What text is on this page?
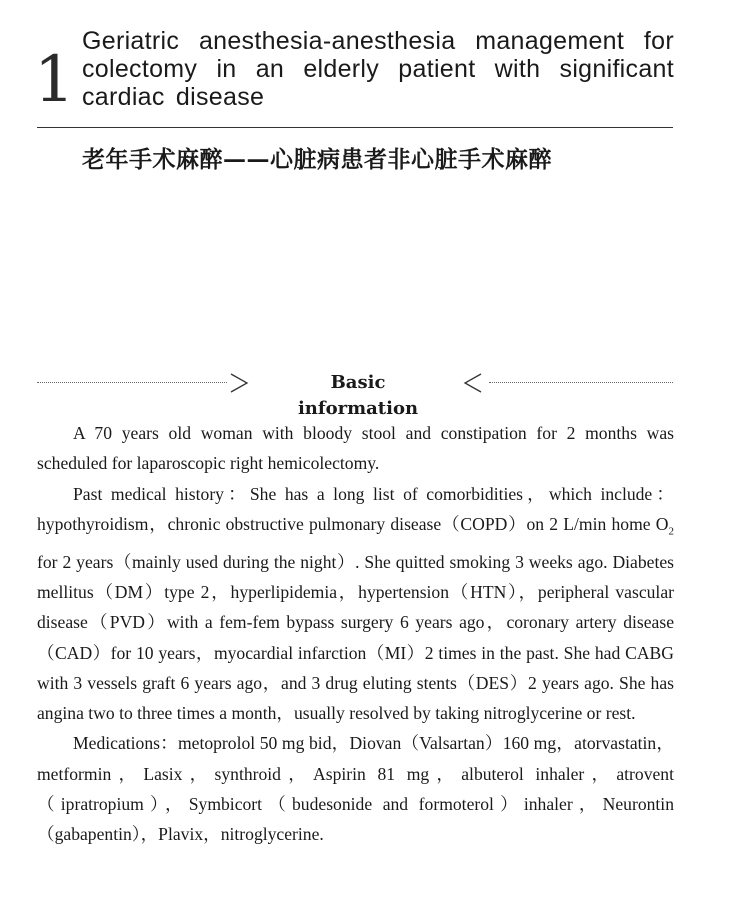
1
Geriatric anesthesia-anesthesia management for colectomy in an elderly patient with significant cardiac disease
老年手术麻醉——心脏病患者非心脏手术麻醉
Basic information

A 70 years old woman with bloody stool and constipation for 2 months was scheduled for laparoscopic right hemicolectomy.

Past medical history：She has a long list of comorbidities，which include：hypothyroidism，chronic obstructive pulmonary disease（COPD）on 2 L/min home $O_2$ for 2 years（mainly used during the night）. She quitted smoking 3 weeks ago. Diabetes mellitus（DM）type 2，hyperlipidemia，hypertension（HTN），peripheral vascular disease（PVD）with a fem-fem bypass surgery 6 years ago，coronary artery disease（CAD）for 10 years，myocardial infarction（MI）2 times in the past. She had CABG with 3 vessels graft 6 years ago，and 3 drug eluting stents（DES）2 years ago. She has angina two to three times a month，usually resolved by taking nitroglycerine or rest.

Medications：metoprolol 50 mg bid，Diovan（Valsartan）160 mg，atorvastatin，metformin，Lasix，synthroid，Aspirin 81 mg，albuterol inhaler，atrovent（ipratropium），Symbicort（budesonide and formoterol）inhaler，Neurontin（gabapentin），Plavix，nitroglycerine.
